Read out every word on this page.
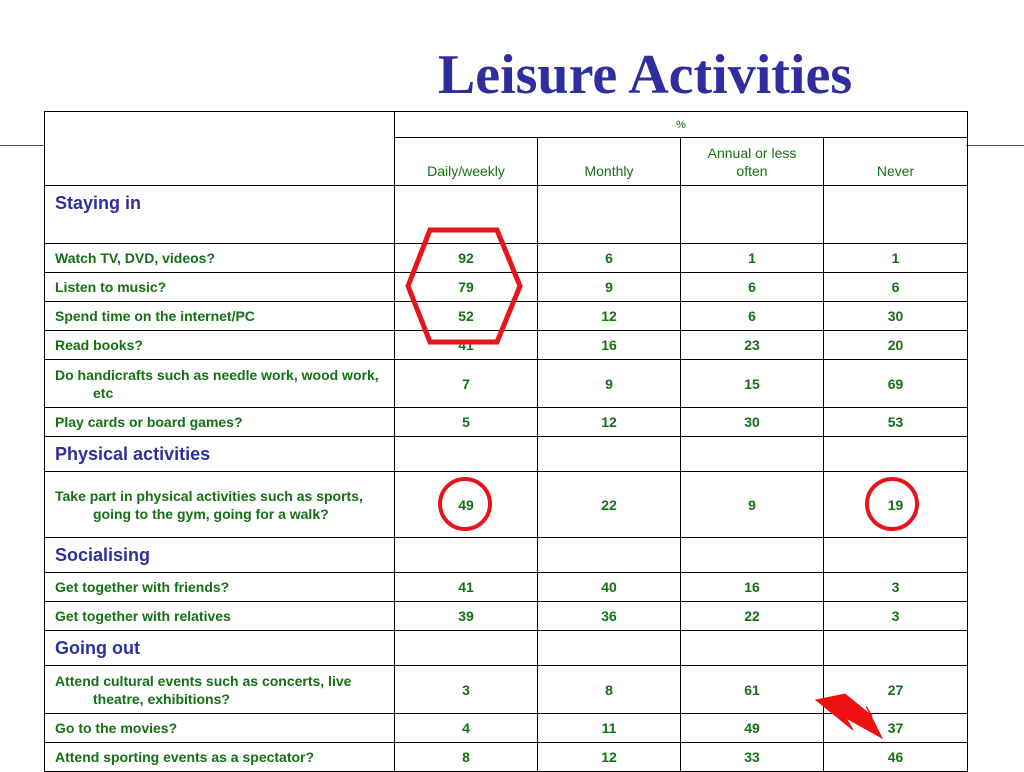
Leisure Activities
	%			
	Daily/weekly	Monthly	Annual or less often	Never
Staying in				
Watch TV, DVD, videos?	92	6	1	1
Listen to music?	79	9	6	6
Spend time on the internet/PC	52	12	6	30
Read books?	41	16	23	20

Do handicrafts such as needle work, wood work, etc	7	9	15	69
Play cards or board games?	5	12	30	53
Physical activities				

Take part in physical activities such as sports, going to the gym, going for a walk?	49	22	9	19
Socialising				
Get together with friends?	41	40	16	3
Get together with relatives	39	36	22	3
Going out				

Attend cultural events such as concerts, live theatre, exhibitions?	3	8	61	27
Go to the movies?	4	11	49	37
Attend sporting events as a spectator?	8	12	33	46
